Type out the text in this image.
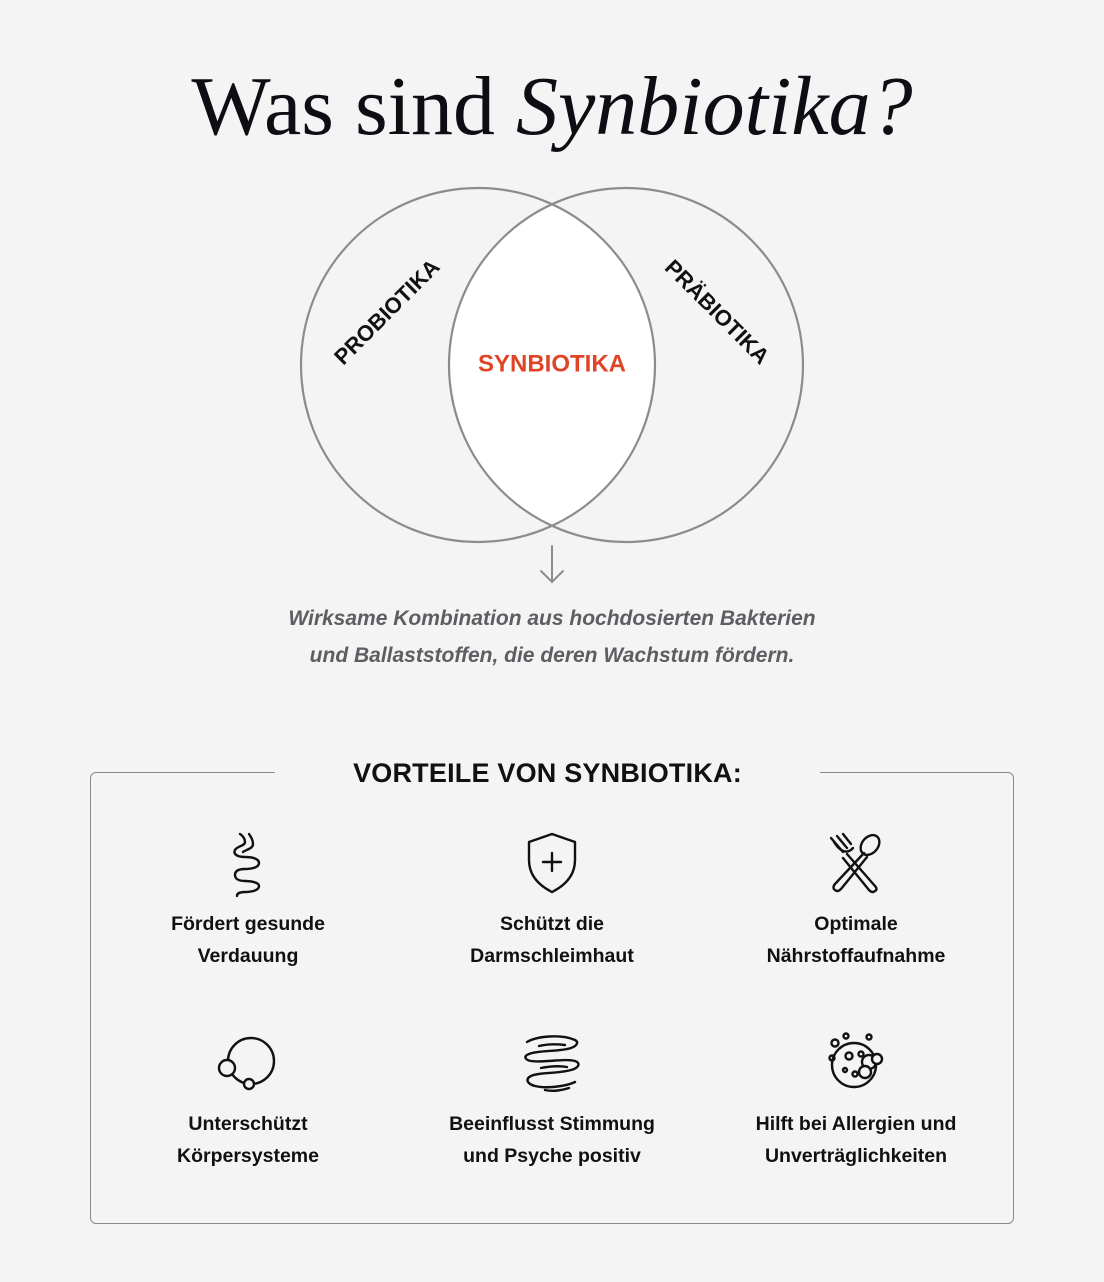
Was sind Synbiotika?
PROBIOTIKA	PRÄBIOTIKA
SYNBIOTIKA
Wirksame Kombination aus hochdosierten Bakterien
und Ballaststoffen, die deren Wachstum fördern.
VORTEILE VON SYNBIOTIKA:
Fördert gesunde
Verdauung
Schützt die
Darmschleimhaut
Optimale
Nährstoffaufnahme
Unterschützt
Körpersysteme
Beeinflusst Stimmung
und Psyche positiv
Hilft bei Allergien und
Unverträglichkeiten
